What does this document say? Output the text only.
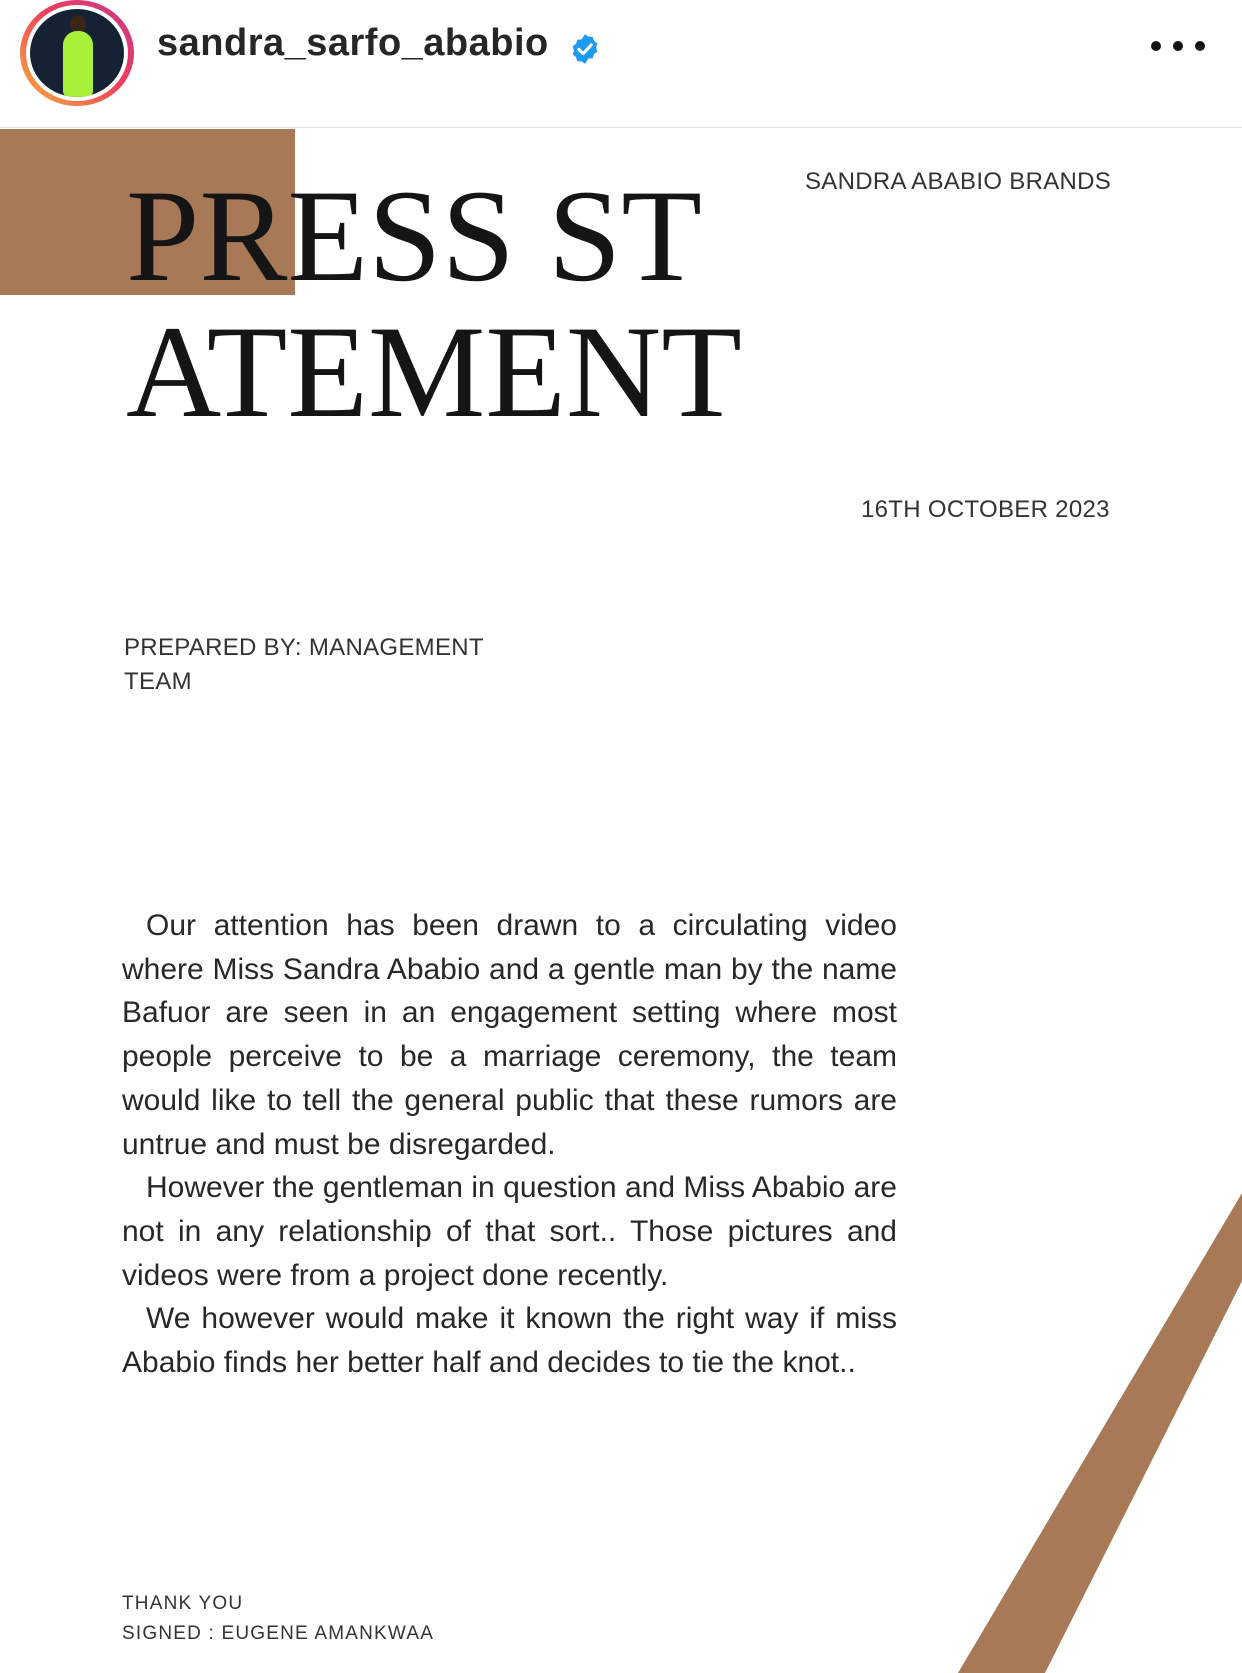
sandra_sarfo_ababio
PRESS STATEMENT
SANDRA ABABIO BRANDS
16TH OCTOBER 2023
PREPARED BY: MANAGEMENT TEAM

Our attention has been drawn to a circulating video where Miss Sandra Ababio and a gentle man by the name Bafuor are seen in an engagement setting where most people perceive to be a marriage ceremony, the team would like to tell the general public that these rumors are untrue and must be disregarded.

However the gentleman in question and Miss Ababio are not in any relationship of that sort.. Those pictures and videos were from a project done recently.

We however would make it known the right way if miss Ababio finds her better half and decides to tie the knot..

THANK YOU
SIGNED : EUGENE AMANKWAA
